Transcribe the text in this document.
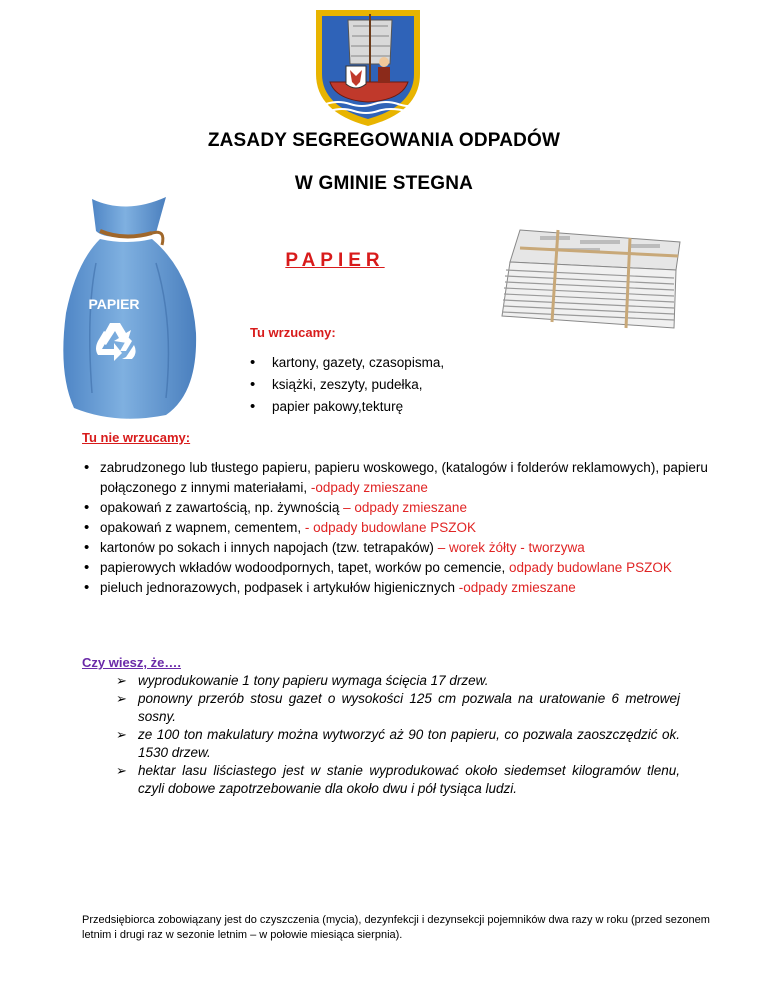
ZASADY SEGREGOWANIA ODPADÓW
W GMINIE STEGNA
PAPIER
PAPIER
Tu wrzucamy:
• kartony, gazety, czasopisma,
• książki, zeszyty, pudełka,
• papier pakowy,tekturę
Tu nie wrzucamy:
• zabrudzonego lub tłustego papieru, papieru woskowego, (katalogów i folderów reklamowych), papieru połączonego z innymi materiałami, -odpady zmieszane
• opakowań z zawartością, np. żywnością – odpady zmieszane
• opakowań z wapnem, cementem, - odpady budowlane PSZOK
• kartonów po sokach i innych napojach (tzw. tetrapaków) – worek żółty - tworzywa
• papierowych wkładów wodoodpornych, tapet, worków po cemencie, odpady budowlane PSZOK
• pieluch jednorazowych, podpasek i artykułów higienicznych -odpady zmieszane
Czy wiesz, że….
➢ wyprodukowanie 1 tony papieru wymaga ścięcia 17 drzew.
➢ ponowny przerób stosu gazet o wysokości 125 cm pozwala na uratowanie 6 metrowej sosny.
➢ ze 100 ton makulatury można wytworzyć aż 90 ton papieru, co pozwala zaoszczędzić ok. 1530 drzew.
➢ hektar lasu liściastego jest w stanie wyprodukować około siedemset kilogramów tlenu, czyli dobowe zapotrzebowanie dla około dwu i pół tysiąca ludzi.
Przedsiębiorca zobowiązany jest do czyszczenia (mycia), dezynfekcji i dezynsekcji pojemników dwa razy w roku (przed sezonem letnim i drugi raz w sezonie letnim – w połowie miesiąca sierpnia).
